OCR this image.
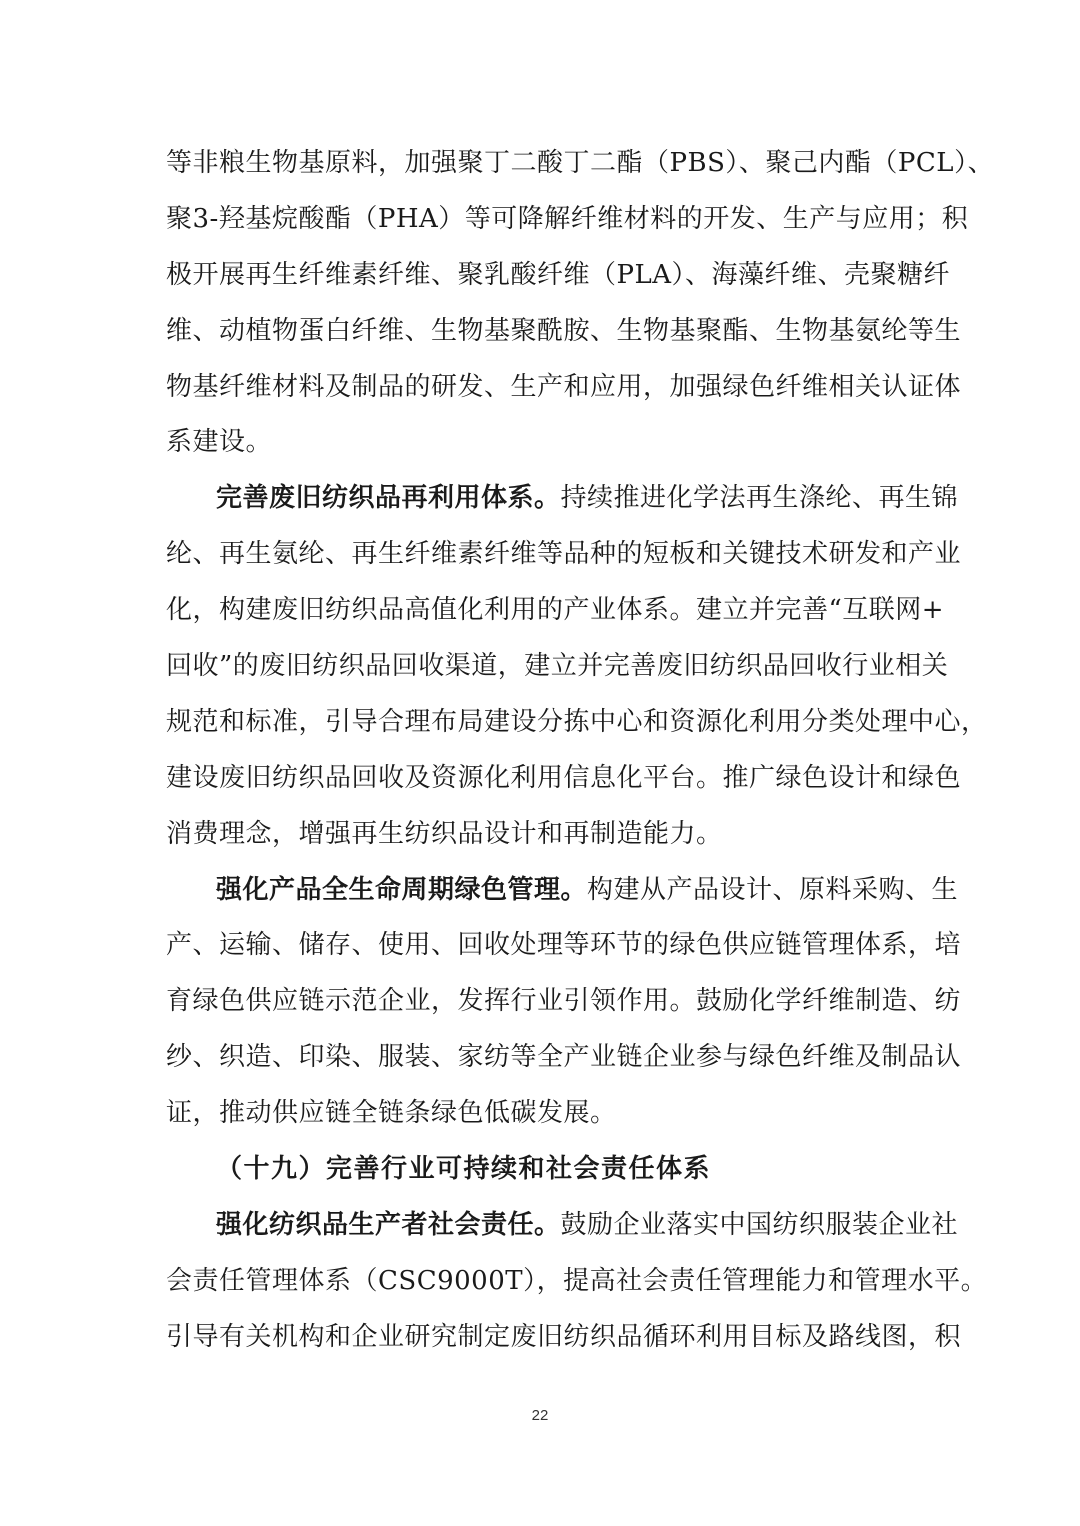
等非粮生物基原料，加强聚丁二酸丁二酯（PBS）、聚己内酯（PCL）、
聚3-羟基烷酸酯（PHA）等可降解纤维材料的开发、生产与应用；积
极开展再生纤维素纤维、聚乳酸纤维（PLA）、海藻纤维、壳聚糖纤
维、动植物蛋白纤维、生物基聚酰胺、生物基聚酯、生物基氨纶等生
物基纤维材料及制品的研发、生产和应用，加强绿色纤维相关认证体
系建设。
完善废旧纺织品再利用体系。持续推进化学法再生涤纶、再生锦
纶、再生氨纶、再生纤维素纤维等品种的短板和关键技术研发和产业
化，构建废旧纺织品高值化利用的产业体系。建立并完善“互联网+
回收”的废旧纺织品回收渠道，建立并完善废旧纺织品回收行业相关
规范和标准，引导合理布局建设分拣中心和资源化利用分类处理中心，
建设废旧纺织品回收及资源化利用信息化平台。推广绿色设计和绿色
消费理念，增强再生纺织品设计和再制造能力。
强化产品全生命周期绿色管理。构建从产品设计、原料采购、生
产、运输、储存、使用、回收处理等环节的绿色供应链管理体系，培
育绿色供应链示范企业，发挥行业引领作用。鼓励化学纤维制造、纺
纱、织造、印染、服装、家纺等全产业链企业参与绿色纤维及制品认
证，推动供应链全链条绿色低碳发展。
（十九）完善行业可持续和社会责任体系
强化纺织品生产者社会责任。鼓励企业落实中国纺织服装企业社
会责任管理体系（CSC9000T），提高社会责任管理能力和管理水平。
引导有关机构和企业研究制定废旧纺织品循环利用目标及路线图，积
22
